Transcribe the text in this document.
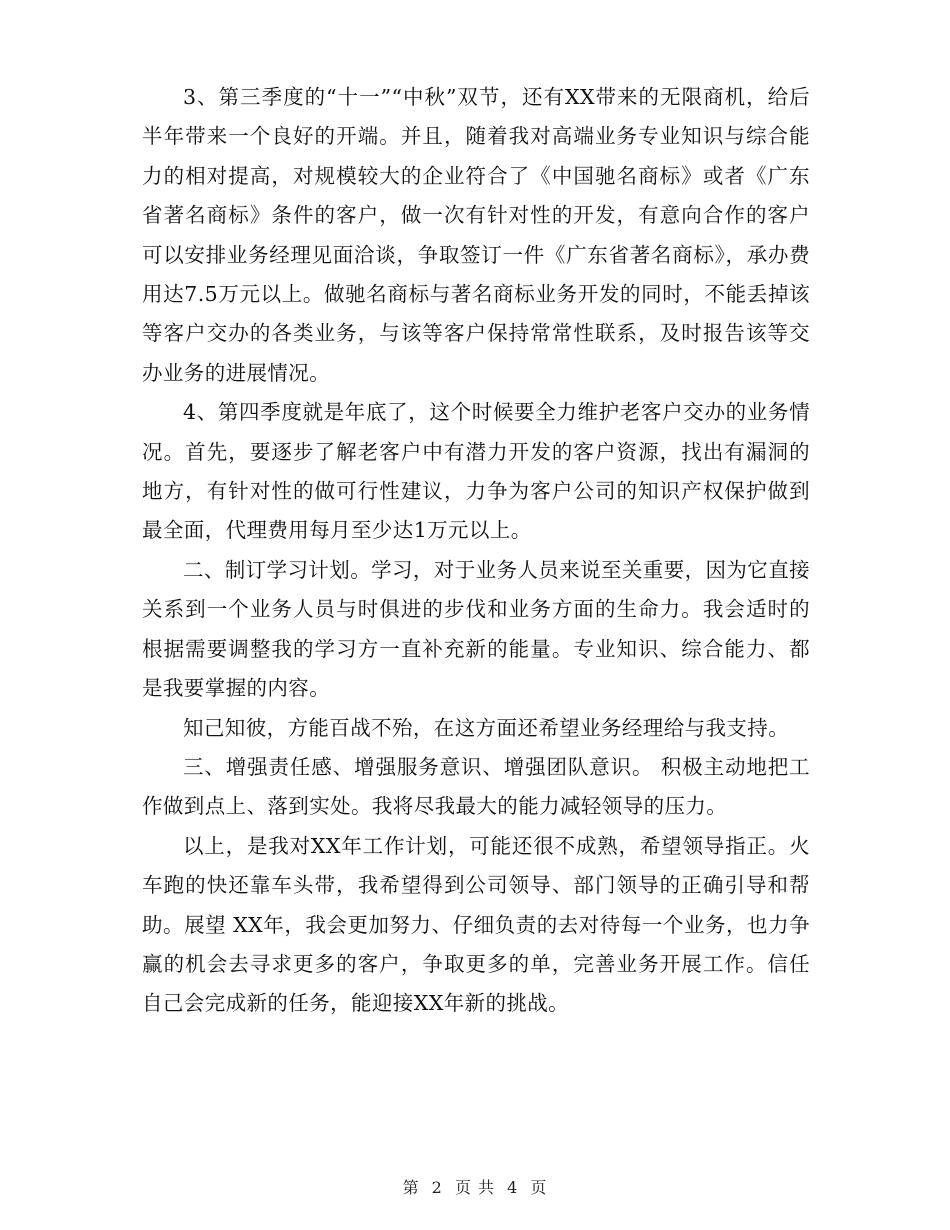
3、第三季度的“十一”“中秋”双节，还有XX带来的无限商机，给后半年带来一个良好的开端。并且，随着我对高端业务专业知识与综合能力的相对提高，对规模较大的企业符合了《中国驰名商标》或者《广东省著名商标》条件的客户，做一次有针对性的开发，有意向合作的客户可以安排业务经理见面洽谈，争取签订一件《广东省著名商标》，承办费用达7.5万元以上。做驰名商标与著名商标业务开发的同时，不能丢掉该等客户交办的各类业务，与该等客户保持常常性联系，及时报告该等交办业务的进展情况。

4、第四季度就是年底了，这个时候要全力维护老客户交办的业务情况。首先，要逐步了解老客户中有潜力开发的客户资源，找出有漏洞的地方，有针对性的做可行性建议，力争为客户公司的知识产权保护做到最全面，代理费用每月至少达1万元以上。

二、制订学习计划。学习，对于业务人员来说至关重要，因为它直接关系到一个业务人员与时俱进的步伐和业务方面的生命力。我会适时的根据需要调整我的学习方一直补充新的能量。专业知识、综合能力、都是我要掌握的内容。

知己知彼，方能百战不殆，在这方面还希望业务经理给与我支持。

三、增强责任感、增强服务意识、增强团队意识。 积极主动地把工作做到点上、落到实处。我将尽我最大的能力减轻领导的压力。

以上，是我对XX年工作计划，可能还很不成熟，希望领导指正。火车跑的快还靠车头带，我希望得到公司领导、部门领导的正确引导和帮助。展望 XX年，我会更加努力、仔细负责的去对待每一个业务，也力争赢的机会去寻求更多的客户，争取更多的单，完善业务开展工作。信任自己会完成新的任务，能迎接XX年新的挑战。

第 2 页 共 4 页
